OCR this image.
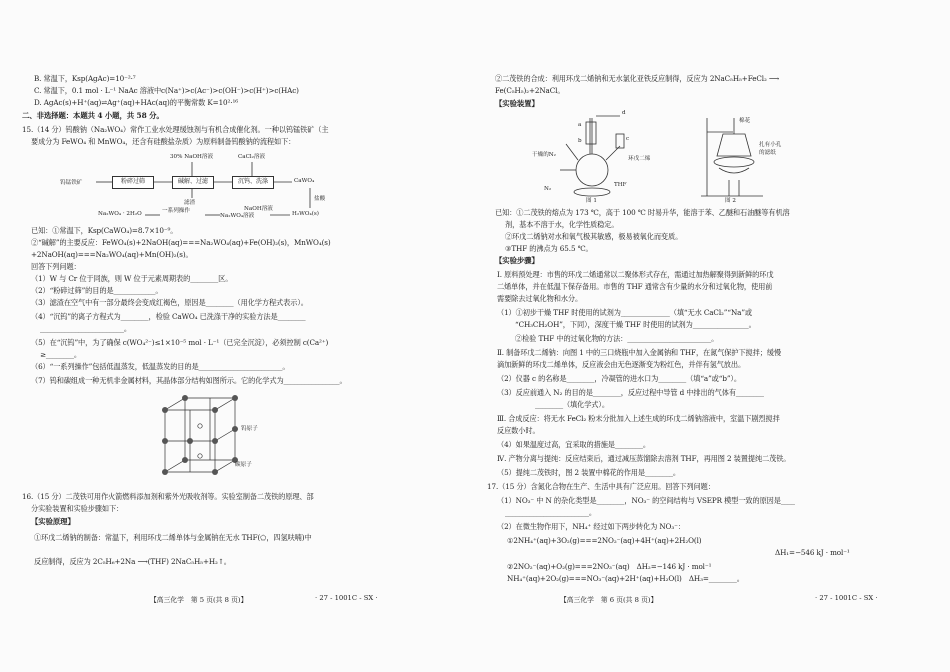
B. 常温下，Ksp(AgAc)=10⁻²·⁷
C. 常温下，0.1 mol · L⁻¹ NaAc 溶液中c(Na⁺)>c(Ac⁻)>c(OH⁻)>c(H⁺)>c(HAc)
D. AgAc(s)+H⁺(aq)⇌Ag⁺(aq)+HAc(aq)的平衡常数 K=10²·¹⁶
二、非选择题：本题共 4 小题，共 58 分。
15.（14 分）钨酸钠（Na₂WO₄）常作工业水处理缓蚀剂与有机合成催化剂。一种以钨锰铁矿（主
要成分为 FeWO₄ 和 MnWO₄，还含有硅酸盐杂质）为原料制备钨酸钠的流程如下：
已知：①常温下，Ksp(CaWO₄)=8.7×10⁻⁹。
②“碱解”的主要反应：FeWO₄(s)+2NaOH(aq)===Na₂WO₄(aq)+Fe(OH)₂(s)，MnWO₄(s)
+2NaOH(aq)===Na₂WO₄(aq)+Mn(OH)₂(s)。
回答下列问题：
（1）W 与 Cr 位于同族，则 W 位于元素周期表的________区。
（2）“粉碎过筛”的目的是____________。
（3）滤渣在空气中有一部分最终会变成红褐色，原因是________（用化学方程式表示）。
（4）“沉钨”的离子方程式为________，检验 CaWO₄ 已洗涤干净的实验方法是________
________________________。
（5）在“沉钨”中，为了确保 c(WO₄²⁻)≤1×10⁻⁵ mol · L⁻¹（已完全沉淀），必须控制 c(Ca²⁺)
≥________。
（6）“一系列操作”包括低温蒸发，低温蒸发的目的是________________________。
（7）钨和碳组成一种无机非金属材料，其晶体部分结构如图所示。它的化学式为________________。
16.（15 分）二茂铁可用作火箭燃料添加剂和紫外光吸收剂等。实验室制备二茂铁的原理、部
分实验装置和实验步骤如下：
【实验原理】
①环戊二烯钠的制备：常温下，利用环戊二烯单体与金属钠在无水 THF(⬠，四氢呋喃)中
反应制得，反应为 2C₅H₆+2Na ⟶(THF) 2NaC₅H₅+H₂↑。
30% NaOH溶液	CaCl₂溶液
钨锰铁矿	粉碎过筛	碱解、过滤	沉钨、洗涤	CaWO₄
盐酸
滤渣
H₂WO₄(s)
NaOH溶液
Na₂WO₄溶液
一系列操作
Na₂WO₄ · 2H₂O
钨原子
碳原子
【高三化学　第 5 页(共 8 页)】	· 27 - 1001C - SX ·
②二茂铁的合成：利用环戊二烯钠和无水氯化亚铁反应制得，反应为 2NaC₅H₅+FeCl₂ ⟶
Fe(C₅H₅)₂+2NaCl。
【实验装置】
已知：①二茂铁的熔点为 173 ℃，高于 100 ℃ 时易升华，能溶于苯、乙醚和石油醚等有机溶
剂，基本不溶于水，化学性质稳定。
②环戊二烯钠对水和氧气极其敏感，极易被氧化而变质。
③THF 的沸点为 65.5 ℃。
【实验步骤】
Ⅰ. 原料预处理：市售的环戊二烯通常以二聚体形式存在，需通过加热解聚得到新鲜的环戊
二烯单体，并在低温下保存备用。市售的 THF 通常含有少量的水分和过氧化物，使用前
需要除去过氧化物和水分。
（1）①初步干燥 THF 时使用的试剂为______________（填“无水 CaCl₂”“Na”或
“CH₃CH₂OH”，下同），深度干燥 THF 时使用的试剂为________________。
②检验 THF 中的过氧化物的方法：________________________。
Ⅱ. 制备环戊二烯钠：向图 1 中的三口烧瓶中加入金属钠和 THF，在氮气保护下搅拌；缓慢
滴加新鲜的环戊二烯单体，反应液会由无色逐渐变为粉红色，并伴有氢气放出。
（2）仪器 c 的名称是________，冷凝管的进水口为________（填“a”或“b”）。
（3）反应前通入 N₂ 的目的是________，反应过程中导管 d 中排出的气体有________
________（填化学式）。
Ⅲ. 合成反应：将无水 FeCl₂ 粉末分批加入上述生成的环戊二烯钠溶液中，室温下剧烈搅拌
反应数小时。
（4）如果温度过高，宜采取的措施是________。
Ⅳ. 产物分离与提纯：反应结束后，通过减压蒸馏除去溶剂 THF，再用图 2 装置提纯二茂铁。
（5）提纯二茂铁时，图 2 装置中棉花的作用是________。
17.（15 分）含氮化合物在生产、生活中具有广泛应用。回答下列问题：
（1）NO₃⁻ 中 N 的杂化类型是________，NO₃⁻ 的空间结构与 VSEPR 模型一致的原因是____
________________________。
（2）在微生物作用下，NH₄⁺ 经过如下两步转化为 NO₃⁻：
①2NH₄⁺(aq)+3O₂(g)===2NO₂⁻(aq)+4H⁺(aq)+2H₂O(l)
ΔH₁=−546 kJ · mol⁻¹
②2NO₂⁻(aq)+O₂(g)===2NO₃⁻(aq)　ΔH₂=−146 kJ · mol⁻¹
NH₄⁺(aq)+2O₂(g)===NO₃⁻(aq)+2H⁺(aq)+H₂O(l)　ΔH₃=________。
d
a
b	c
干燥的N₂
环戊二烯
N₂
THF
图 1
棉花
扎有小孔
的滤纸
图 2
【高三化学　第 6 页(共 8 页)】	· 27 - 1001C - SX ·
